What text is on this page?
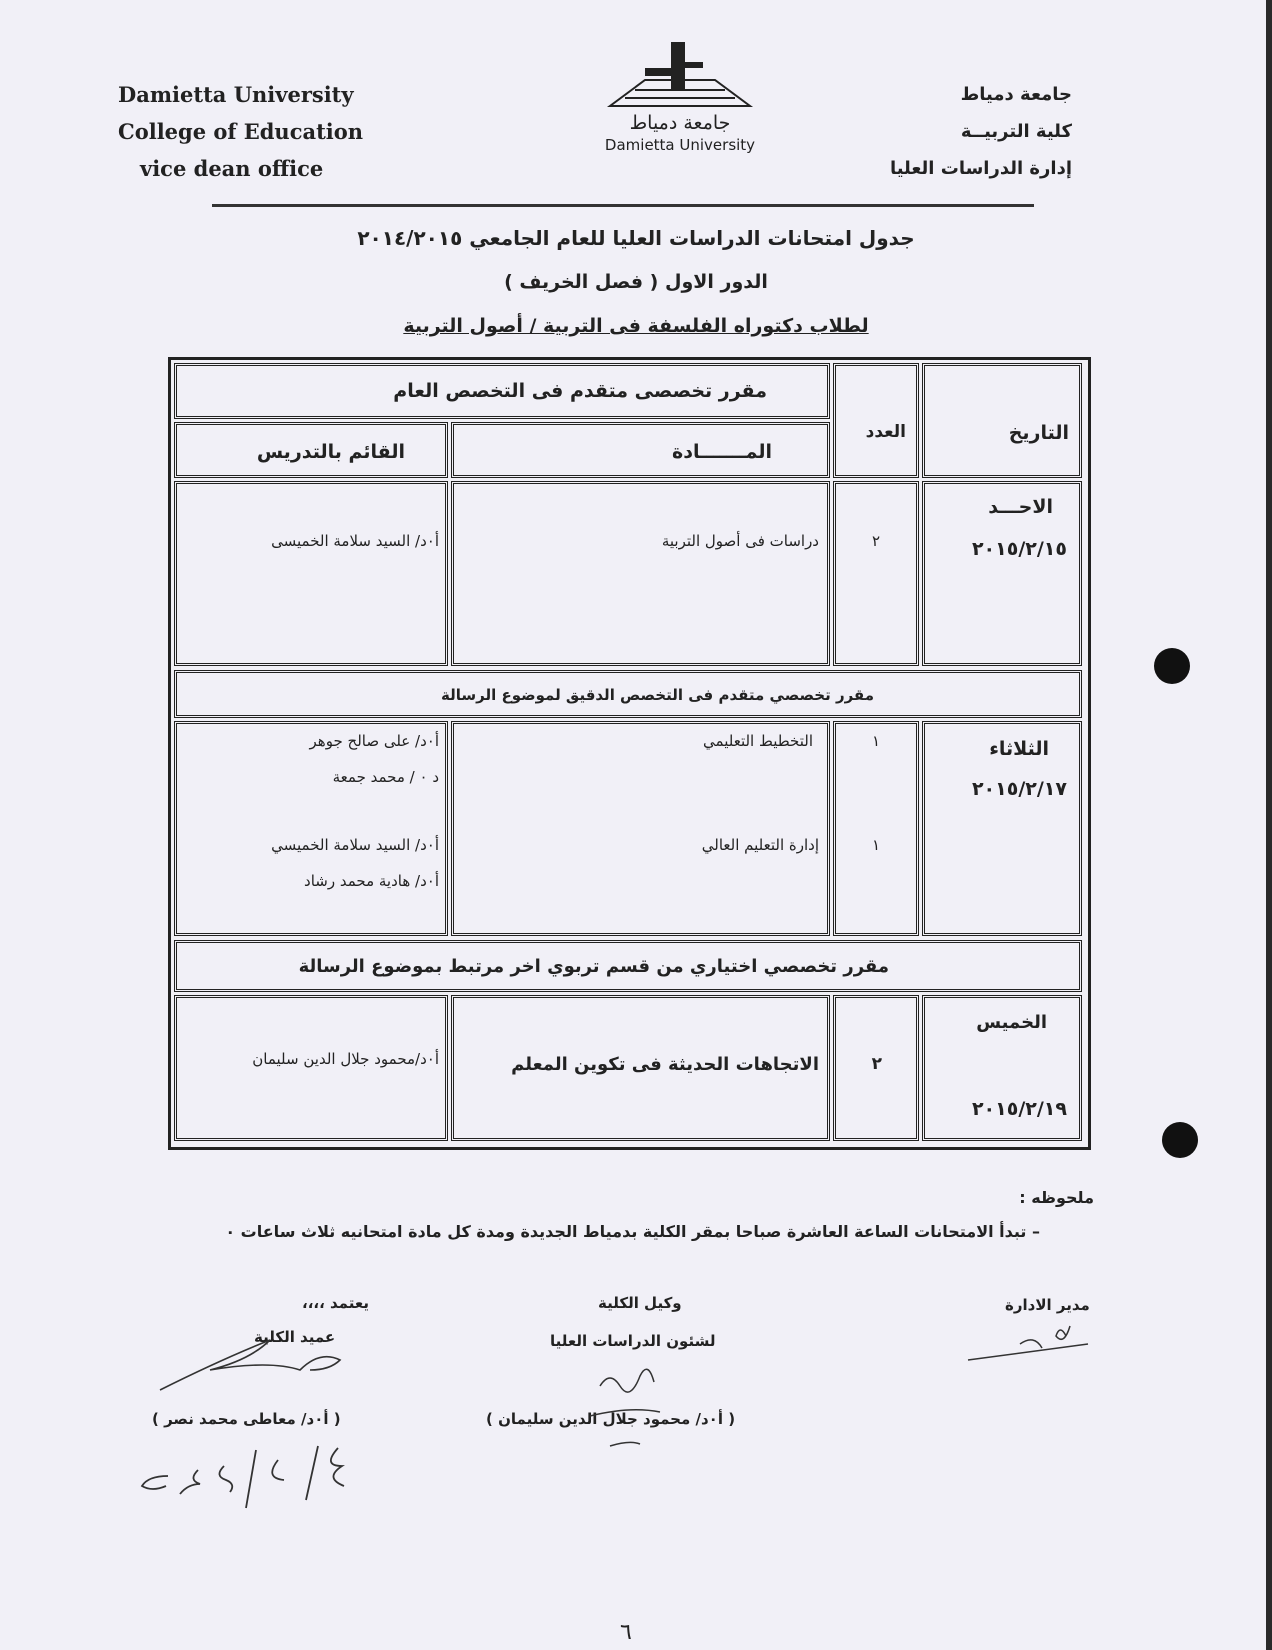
Damietta University
College of Education
vice dean office
جامعة دمياط
Damietta University
جامعة دمياط
كلية التربيــة
إدارة الدراسات العليا
جدول امتحانات الدراسات العليا للعام الجامعي ٢٠١٤/٢٠١٥
الدور الاول ( فصل الخريف )
لطلاب دكتوراه الفلسفة فى التربية / أصول التربية
التاريخ
العدد
مقرر تخصصى متقدم فى التخصص العام
المـــــــادة
القائم بالتدريس
الاحـــد
٢٠١٥/٢/١٥
٢
دراسات فى أصول التربية
أ٠د/ السيد سلامة الخميسى
مقرر تخصصي متقدم فى التخصص الدقيق لموضوع الرسالة
الثلاثاء
٢٠١٥/٢/١٧
١
١
التخطيط التعليمي
إدارة التعليم العالي
أ٠د/ على صالح جوهر
د ٠ / محمد جمعة
أ٠د/ السيد سلامة الخميسي
أ٠د/ هادية محمد رشاد
مقرر تخصصي اختياري من قسم تربوي اخر مرتبط بموضوع الرسالة
الخميس
٢٠١٥/٢/١٩
٢
الاتجاهات الحديثة فى تكوين المعلم
أ٠د/محمود جلال الدين سليمان
ملحوظه :
– تبدأ الامتحانات الساعة العاشرة صباحا بمقر الكلية بدمياط الجديدة ومدة كل مادة امتحانيه ثلاث ساعات ٠
مدير الادارة
وكيل الكلية
لشئون الدراسات العليا
( أ٠د/ محمود جلال الدين سليمان )
يعتمد ،،،،
عميد الكلية
( أ٠د/ معاطى محمد نصر )
٦
